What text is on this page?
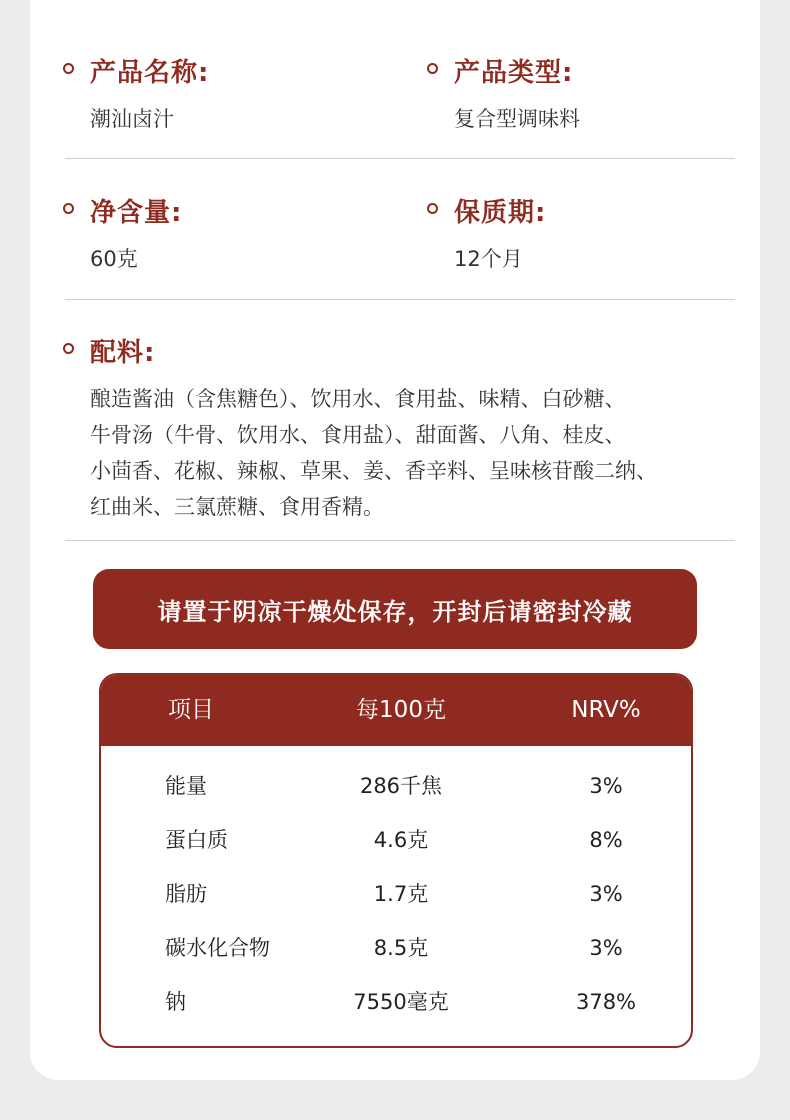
产品名称:
潮汕卤汁
产品类型:
复合型调味料
净含量:
60克
保质期:
12个月
配料:
酿造酱油（含焦糖色）、饮用水、食用盐、味精、白砂糖、
牛骨汤（牛骨、饮用水、食用盐）、甜面酱、八角、桂皮、
小茴香、花椒、辣椒、草果、姜、香辛料、呈味核苷酸二纳、
红曲米、三氯蔗糖、食用香精。
请置于阴凉干燥处保存，开封后请密封冷藏
项目	每100克	NRV%
能量	286千焦	3%
蛋白质	4.6克	8%
脂肪	1.7克	3%
碳水化合物	8.5克	3%
钠	7550毫克	378%
